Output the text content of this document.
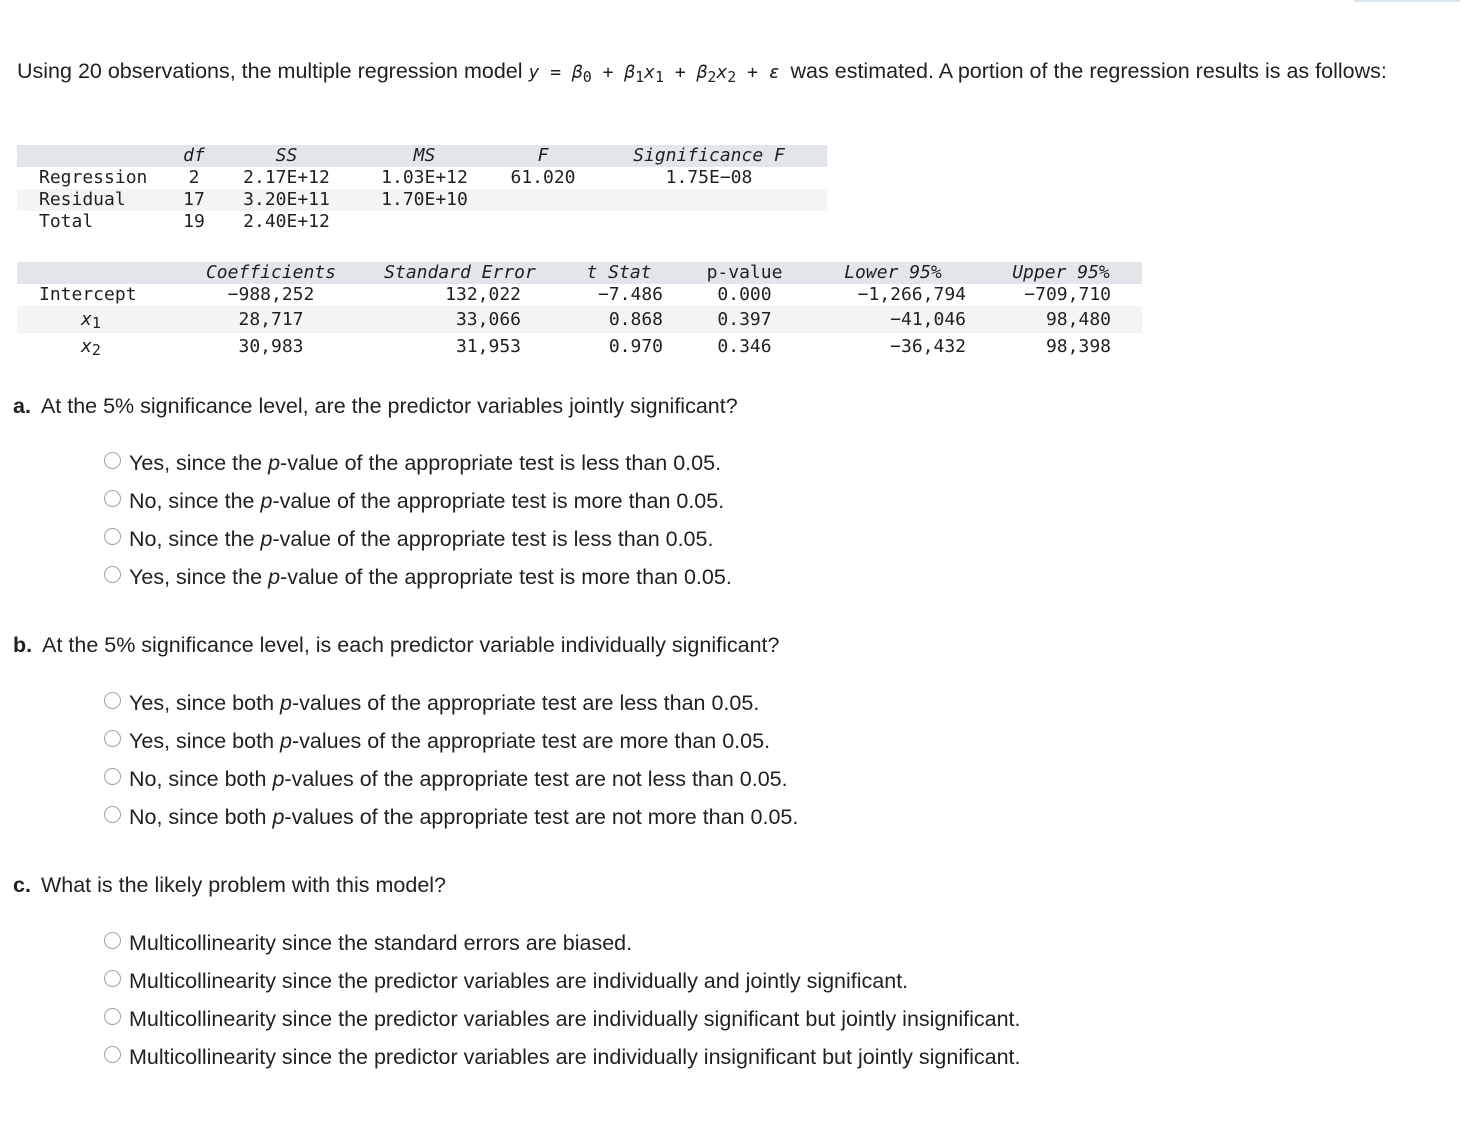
Using 20 observations, the multiple regression model $y = \beta_0 + \beta_1x_1 + \beta_2x_2 + \varepsilon$ was estimated. A portion of the regression results is as follows:
	df	SS	MS	F	Significance F
Regression	2	2.17E+12	1.03E+12	61.020	1.75E−08
Residual	17	3.20E+11	1.70E+10		
Total	19	2.40E+12			
	Coefficients	Standard Error	t Stat	p-value	Lower 95%	Upper 95%
Intercept	−988,252	132,022	−7.486	0.000	−1,266,794	−709,710
$x_1$	28,717	33,066	0.868	0.397	−41,046	98,480
$x_2$	30,983	31,953	0.970	0.346	−36,432	98,398
a. At the 5% significance level, are the predictor variables jointly significant?
Yes, since the p-value of the appropriate test is less than 0.05.
No, since the p-value of the appropriate test is more than 0.05.
No, since the p-value of the appropriate test is less than 0.05.
Yes, since the p-value of the appropriate test is more than 0.05.
b. At the 5% significance level, is each predictor variable individually significant?
Yes, since both p-values of the appropriate test are less than 0.05.
Yes, since both p-values of the appropriate test are more than 0.05.
No, since both p-values of the appropriate test are not less than 0.05.
No, since both p-values of the appropriate test are not more than 0.05.
c. What is the likely problem with this model?
Multicollinearity since the standard errors are biased.
Multicollinearity since the predictor variables are individually and jointly significant.
Multicollinearity since the predictor variables are individually significant but jointly insignificant.
Multicollinearity since the predictor variables are individually insignificant but jointly significant.
